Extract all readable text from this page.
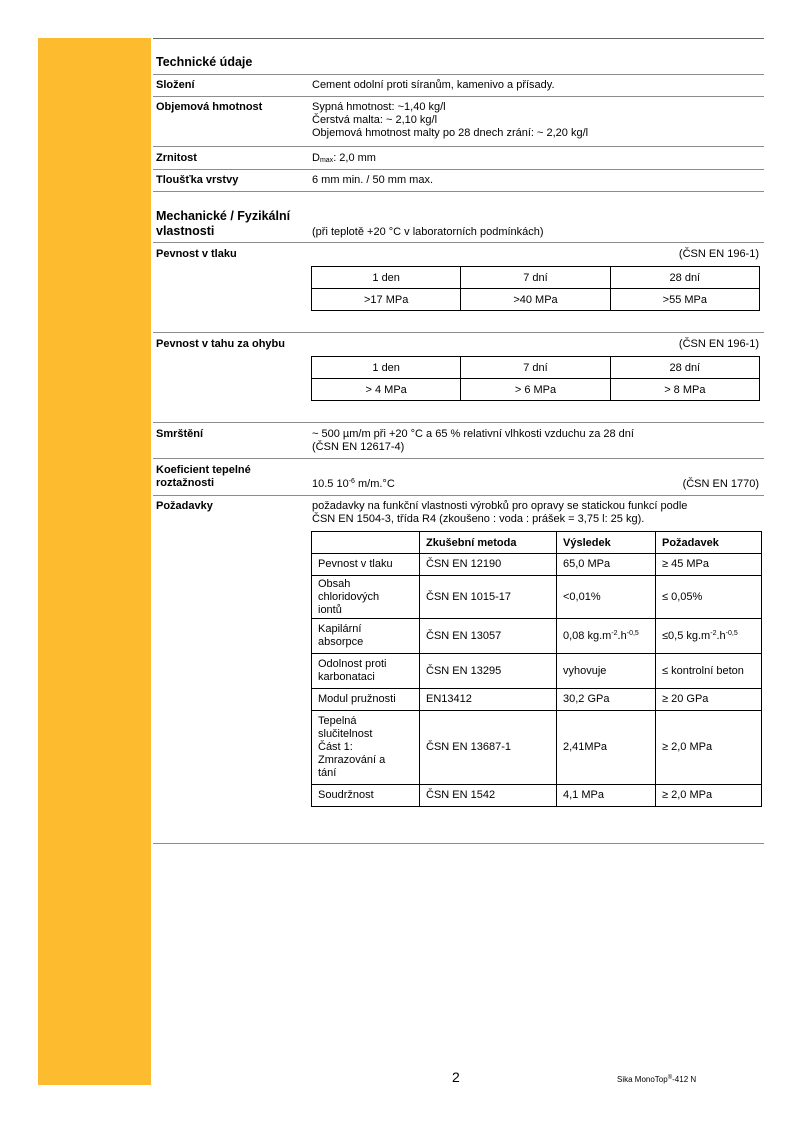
Technické údaje
Složení	Cement odolní proti síranům, kamenivo a přísady.
Objemová hmotnost	Sypná hmotnost: ~1,40 kg/l
Čerstvá malta: ~ 2,10 kg/l
Objemová hmotnost malty po 28 dnech zrání: ~ 2,20 kg/l
Zrnitost	$D_{max}$: 2,0 mm
Tloušťka vrstvy	6 mm min. / 50 mm max.
Mechanické / Fyzikální
vlastnosti	(při teplotě +20 °C v laboratorních podmínkách)
Pevnost v tlaku	(ČSN EN 196-1)
1 den	7 dní	28 dní
>17 MPa	>40 MPa	>55 MPa
Pevnost v tahu za ohybu	(ČSN EN 196-1)
1 den	7 dní	28 dní
> 4 MPa	> 6 MPa	> 8 MPa
Smrštění	~ 500 µm/m při +20 °C a 65 % relativní vlhkosti vzduchu za 28 dní
(ČSN EN 12617-4)
Koeficient tepelné
roztažnosti	10.5 $10^{-6}$ m/m.°C	(ČSN EN 1770)
Požadavky	požadavky na funkční vlastnosti výrobků pro opravy se statickou funkcí podle
ČSN EN 1504-3, třída R4 (zkoušeno : voda : prášek = 3,75 l: 25 kg).
	Zkušební metoda	Výsledek	Požadavek
Pevnost v tlaku	ČSN EN 12190	65,0 MPa	≥ 45 MPa
Obsah
chloridových
iontů	ČSN EN 1015-17	<0,01%	≤ 0,05%
Kapilární
absorpce	ČSN EN 13057	0,08 $kg.m^{-2}.h^{-0,5}$	≤0,5 $kg.m^{-2}.h^{-0,5}$
Odolnost proti
karbonataci	ČSN EN 13295	vyhovuje	≤ kontrolní beton
Modul pružnosti	EN13412	30,2 GPa	≥ 20 GPa
Tepelná
slučitelnost
Část 1:
Zmrazování a
tání	ČSN EN 13687-1	2,41MPa	≥ 2,0 MPa
Soudržnost	ČSN EN 1542	4,1 MPa	≥ 2,0 MPa
2	Sika MonoTop®-412 N
